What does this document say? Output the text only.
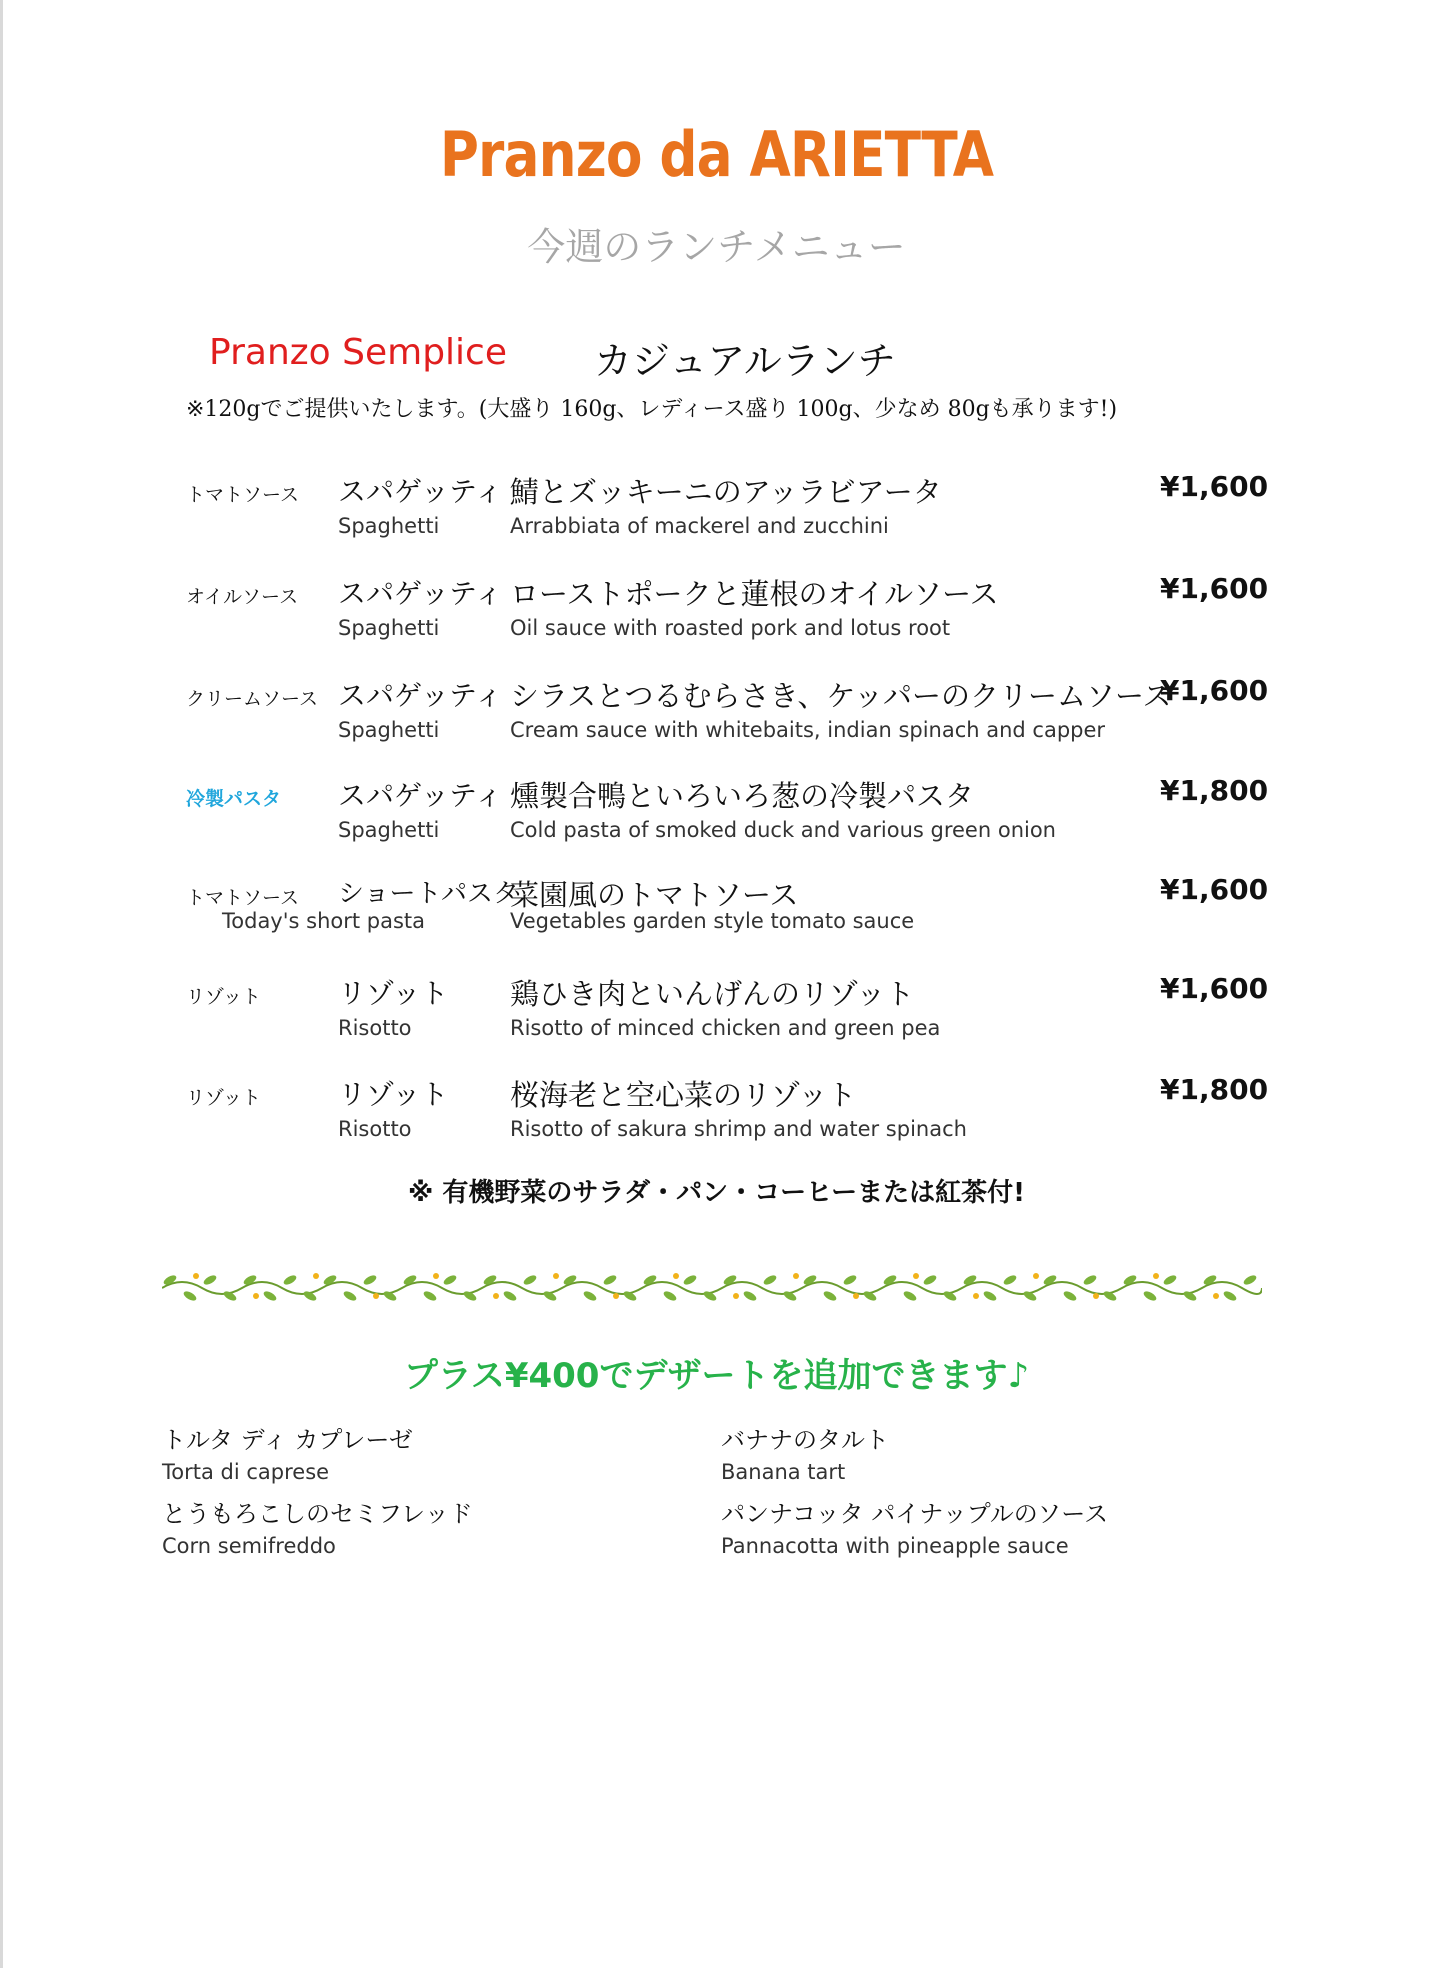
Pranzo da ARIETTA
今週のランチメニュー
Pranzo Semplice カジュアルランチ
※120gでご提供いたします。(大盛り 160g、レディース盛り 100g、少なめ 80gも承ります!)
トマトソース スパゲッティ
Spaghetti
鯖とズッキーニのアッラビアータ
Arrabbiata of mackerel and zucchini
¥1,600
オイルソース スパゲッティ
Spaghetti
ローストポークと蓮根のオイルソース
Oil sauce with roasted pork and lotus root
¥1,600
クリームソース スパゲッティ
Spaghetti
シラスとつるむらさき、ケッパーのクリームソース
Cream sauce with whitebaits, indian spinach and capper
¥1,600
冷製パスタ スパゲッティ
Spaghetti
燻製合鴨といろいろ葱の冷製パスタ
Cold pasta of smoked duck and various green onion
¥1,800
トマトソース ショートパスタ
Today's short pasta
菜園風のトマトソース
Vegetables garden style tomato sauce
¥1,600
リゾット	リゾット
Risotto
鶏ひき肉といんげんのリゾット
Risotto of minced chicken and green pea
¥1,600
リゾット	リゾット
Risotto
桜海老と空心菜のリゾット
Risotto of sakura shrimp and water spinach
¥1,800
※ 有機野菜のサラダ・パン・コーヒーまたは紅茶付!
プラス¥400でデザートを追加できます♪
トルタ ディ カプレーゼ
Torta di caprese
バナナのタルト
Banana tart
とうもろこしのセミフレッド
Corn semifreddo
パンナコッタ パイナップルのソース
Pannacotta with pineapple sauce
